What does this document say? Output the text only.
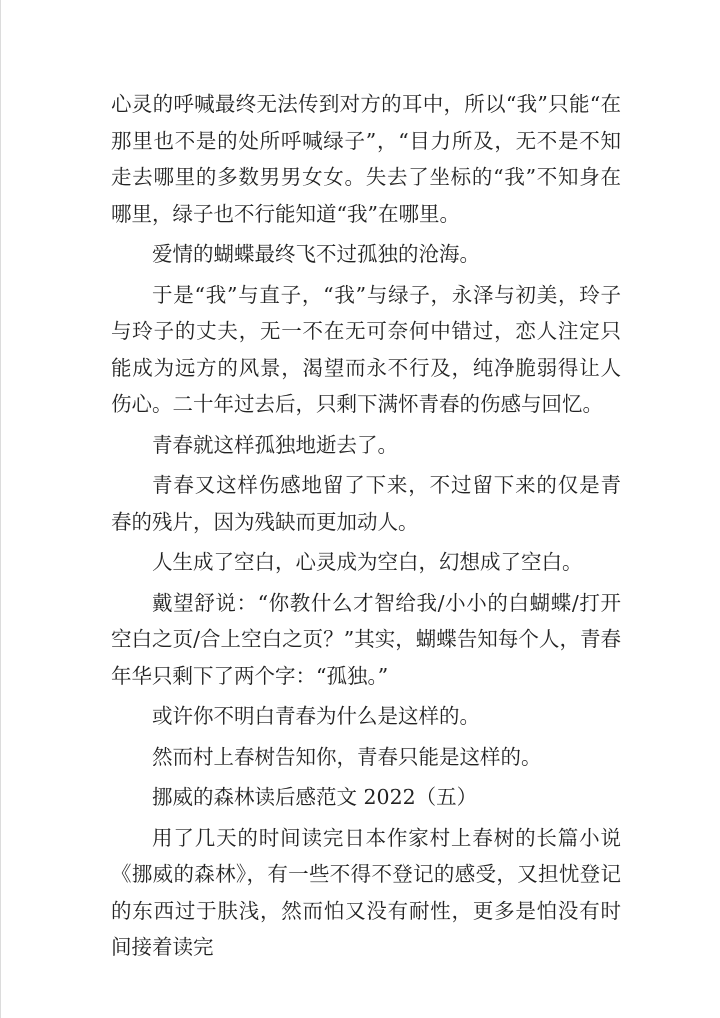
心灵的呼喊最终无法传到对方的耳中，所以“我”只能“在那里也不是的处所呼喊绿子”，“目力所及，无不是不知走去哪里的多数男男女女。失去了坐标的“我”不知身在哪里，绿子也不行能知道“我”在哪里。

爱情的蝴蝶最终飞不过孤独的沧海。

于是“我”与直子，“我”与绿子，永泽与初美，玲子与玲子的丈夫，无一不在无可奈何中错过，恋人注定只能成为远方的风景，渴望而永不行及，纯净脆弱得让人伤心。二十年过去后，只剩下满怀青春的伤感与回忆。

青春就这样孤独地逝去了。

青春又这样伤感地留了下来，不过留下来的仅是青春的残片，因为残缺而更加动人。

人生成了空白，心灵成为空白，幻想成了空白。

戴望舒说：“你教什么才智给我/小小的白蝴蝶/打开空白之页/合上空白之页？”其实，蝴蝶告知每个人，青春年华只剩下了两个字：“孤独。”

或许你不明白青春为什么是这样的。

然而村上春树告知你，青春只能是这样的。

挪威的森林读后感范文 2022（五）

用了几天的时间读完日本作家村上春树的长篇小说《挪威的森林》，有一些不得不登记的感受，又担忧登记的东西过于肤浅，然而怕又没有耐性，更多是怕没有时间接着读完
